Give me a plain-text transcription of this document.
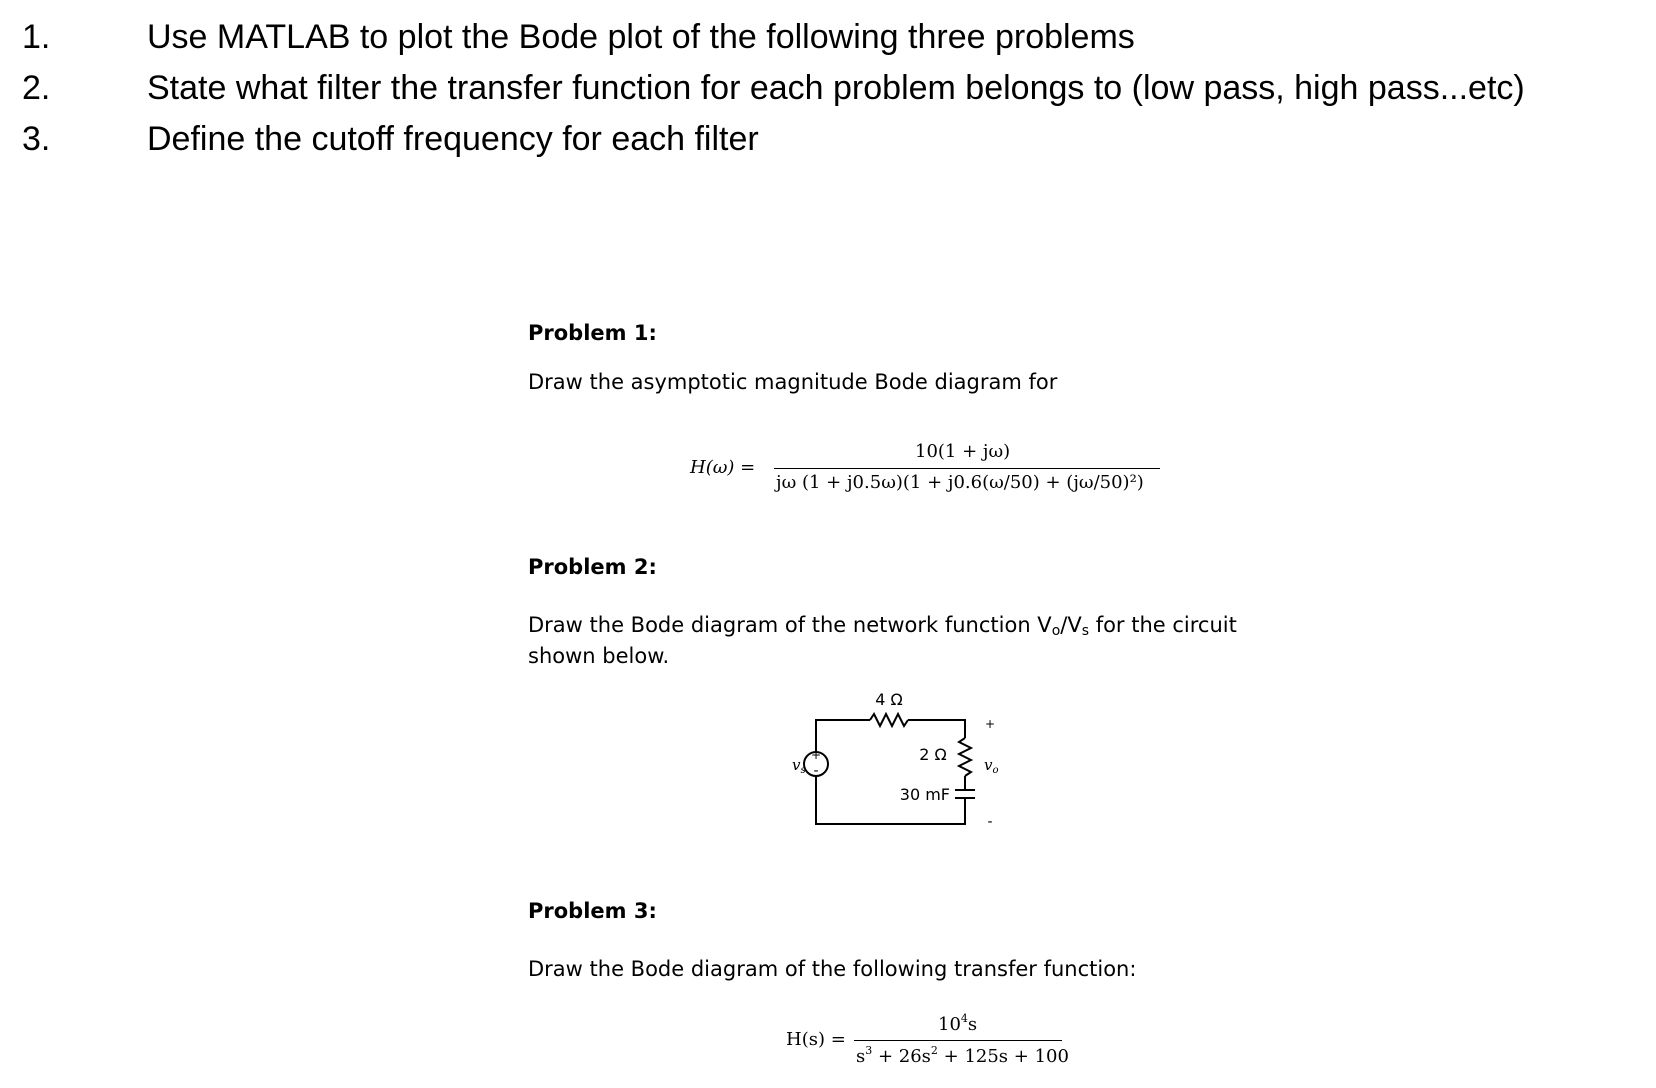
1.	Use MATLAB to plot the Bode plot of the following three problems
2.	State what filter the transfer function for each problem belongs to (low pass, high pass...etc)
3.	Define the cutoff frequency for each filter
Problem 1:
Draw the asymptotic magnitude Bode diagram for
H(ω) =
10(1 + jω)
jω (1 + j0.5ω)(1 + j0.6(ω/50) + (jω/50)²)
Problem 2:
Draw the Bode diagram of the network function $V_o/V_s$ for the circuit
shown below.
+
-
4 Ω
2 Ω
30 mF
+
-
$v_s$	$v_o$
Problem 3:
Draw the Bode diagram of the following transfer function:
H(s) =
$10^4s$
$s^3 + 26s^2 + 125s + 100$
